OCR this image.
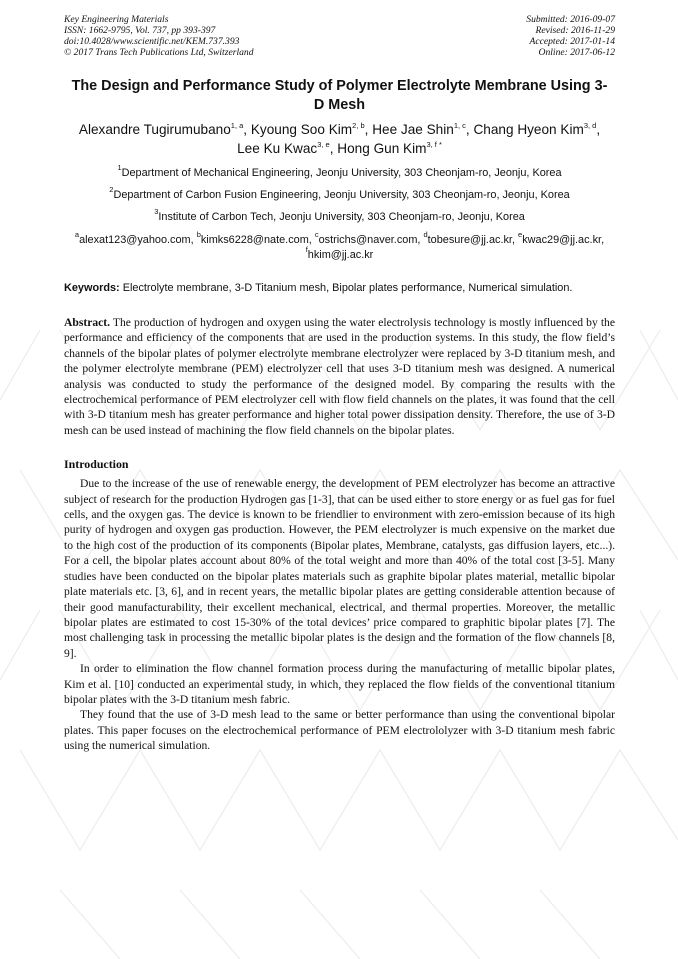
Key Engineering Materials
ISSN: 1662-9795, Vol. 737, pp 393-397
doi:10.4028/www.scientific.net/KEM.737.393
© 2017 Trans Tech Publications Ltd, Switzerland
Submitted: 2016-09-07
Revised: 2016-11-29
Accepted: 2017-01-14
Online: 2017-06-12
The Design and Performance Study of Polymer Electrolyte Membrane Using 3-D Mesh
Alexandre Tugirumubano$^{1, a}$, Kyoung Soo Kim$^{2, b}$, Hee Jae Shin$^{1, c}$, Chang Hyeon Kim$^{3, d}$, Lee Ku Kwac$^{3, e}$, Hong Gun Kim$^{3, f *}$
$^1$Department of Mechanical Engineering, Jeonju University, 303 Cheonjam-ro, Jeonju, Korea
$^2$Department of Carbon Fusion Engineering, Jeonju University, 303 Cheonjam-ro, Jeonju, Korea
$^3$Institute of Carbon Tech, Jeonju University, 303 Cheonjam-ro, Jeonju, Korea
$^a$alexat123@yahoo.com, $^b$kimks6228@nate.com, $^c$ostrichs@naver.com, $^d$tobesure@jj.ac.kr, $^e$kwac29@jj.ac.kr, $^f$hkim@jj.ac.kr
Keywords: Electrolyte membrane, 3-D Titanium mesh, Bipolar plates performance, Numerical simulation.
Abstract. The production of hydrogen and oxygen using the water electrolysis technology is mostly influenced by the performance and efficiency of the components that are used in the production systems. In this study, the flow field’s channels of the bipolar plates of polymer electrolyte membrane electrolyzer were replaced by 3-D titanium mesh, and the polymer electrolyte membrane (PEM) electrolyzer cell that uses 3-D titanium mesh was designed. A numerical analysis was conducted to study the performance of the designed model. By comparing the results with the electrochemical performance of PEM electrolyzer cell with flow field channels on the plates, it was found that the cell with 3-D titanium mesh has greater performance and higher total power dissipation density. Therefore, the use of 3-D mesh can be used instead of machining the flow field channels on the bipolar plates.
Introduction
Due to the increase of the use of renewable energy, the development of PEM electrolyzer has become an attractive subject of research for the production Hydrogen gas [1-3], that can be used either to store energy or as fuel gas for fuel cells, and the oxygen gas. The device is known to be friendlier to environment with zero-emission because of its high purity of hydrogen and oxygen gas production. However, the PEM electrolyzer is much expensive on the market due to the high cost of the production of its components (Bipolar plates, Membrane, catalysts, gas diffusion layers, etc...). For a cell, the bipolar plates account about 80% of the total weight and more than 40% of the total cost [3-5]. Many studies have been conducted on the bipolar plates materials such as graphite bipolar plates material, metallic bipolar plate materials etc. [3, 6], and in recent years, the metallic bipolar plates are getting considerable attention because of their good manufacturability, their excellent mechanical, electrical, and thermal properties. Moreover, the metallic bipolar plates are estimated to cost 15-30% of the total devices’ price compared to graphitic bipolar plates [7]. The most challenging task in processing the metallic bipolar plates is the design and the formation of the flow channels [8, 9].
In order to elimination the flow channel formation process during the manufacturing of metallic bipolar plates, Kim et al. [10] conducted an experimental study, in which, they replaced the flow fields of the conventional titanium bipolar plates with the 3-D titanium mesh fabric.
They found that the use of 3-D mesh lead to the same or better performance than using the conventional bipolar plates. This paper focuses on the electrochemical performance of PEM electrololyzer with 3-D titanium mesh fabric using the numerical simulation.
